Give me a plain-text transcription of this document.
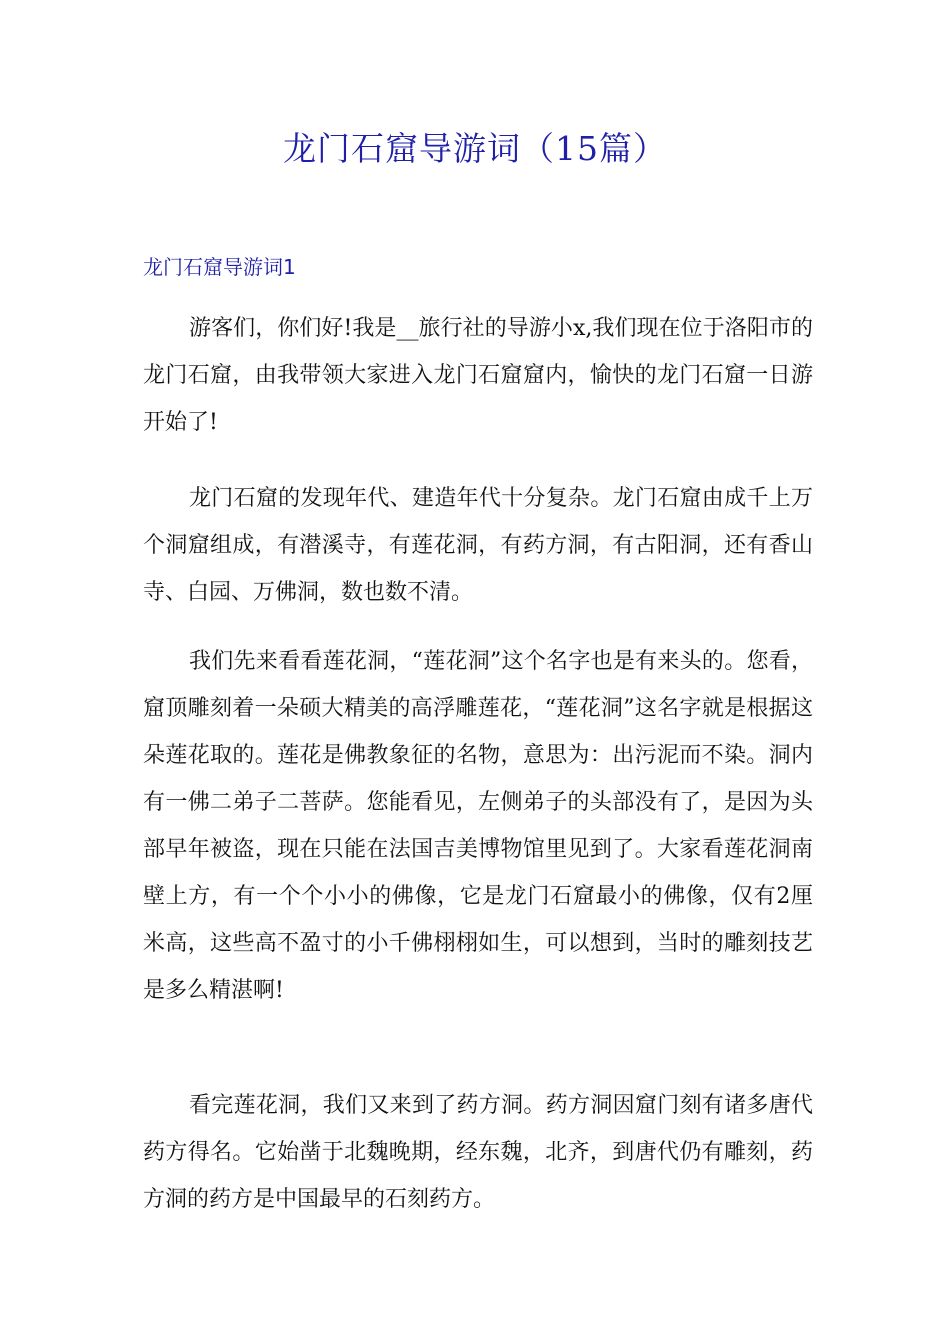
龙门石窟导游词（15篇）
龙门石窟导游词1

游客们，你们好!我是__旅行社的导游小x,我们现在位于洛阳市的龙门石窟，由我带领大家进入龙门石窟窟内，愉快的龙门石窟一日游开始了!

龙门石窟的发现年代、建造年代十分复杂。龙门石窟由成千上万个洞窟组成，有潜溪寺，有莲花洞，有药方洞，有古阳洞，还有香山寺、白园、万佛洞，数也数不清。

我们先来看看莲花洞，“莲花洞”这个名字也是有来头的。您看，窟顶雕刻着一朵硕大精美的高浮雕莲花，“莲花洞”这名字就是根据这朵莲花取的。莲花是佛教象征的名物，意思为：出污泥而不染。洞内有一佛二弟子二菩萨。您能看见，左侧弟子的头部没有了，是因为头部早年被盗，现在只能在法国吉美博物馆里见到了。大家看莲花洞南壁上方，有一个个小小的佛像，它是龙门石窟最小的佛像，仅有2厘米高，这些高不盈寸的小千佛栩栩如生，可以想到，当时的雕刻技艺是多么精湛啊!

看完莲花洞，我们又来到了药方洞。药方洞因窟门刻有诸多唐代药方得名。它始凿于北魏晚期，经东魏，北齐，到唐代仍有雕刻，药方洞的药方是中国最早的石刻药方。
